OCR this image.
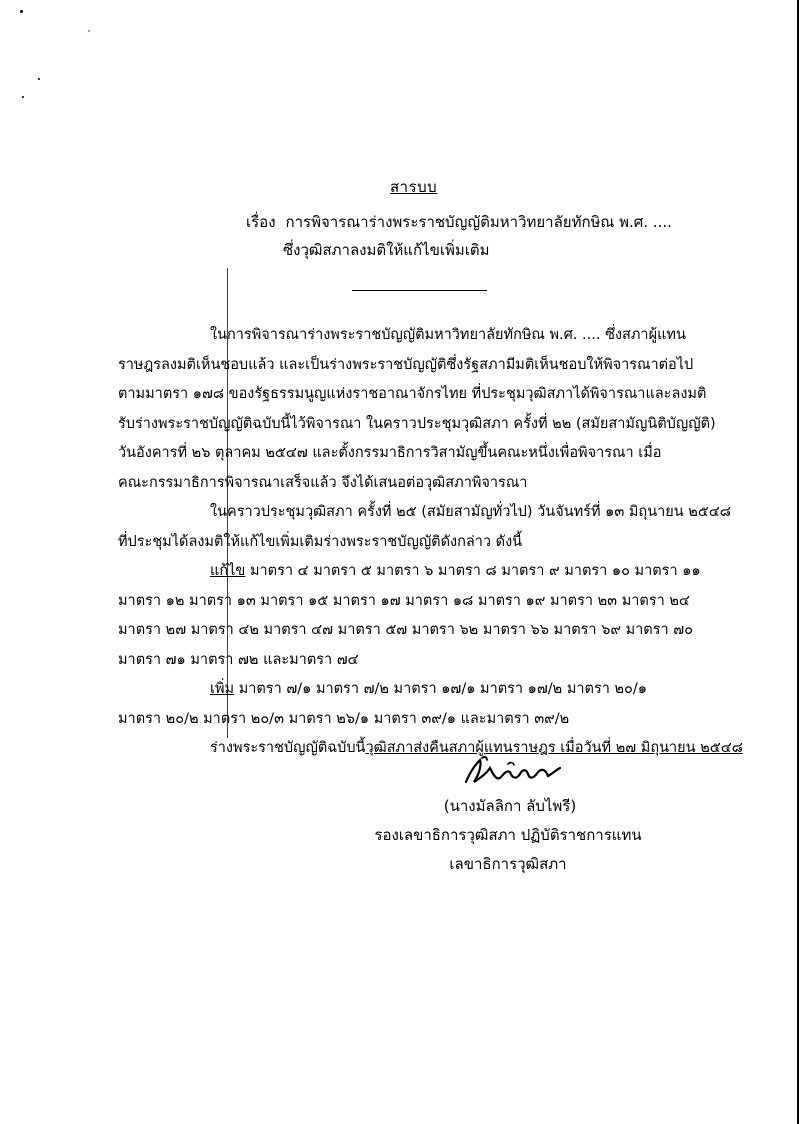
สารบบ
เรื่อง การพิจารณาร่างพระราชบัญญัติมหาวิทยาลัยทักษิณ พ.ศ. ....
ซึ่งวุฒิสภาลงมติให้แก้ไขเพิ่มเติม
ในการพิจารณาร่างพระราชบัญญัติมหาวิทยาลัยทักษิณ พ.ศ. .... ซึ่งสภาผู้แทน
ราษฎรลงมติเห็นชอบแล้ว และเป็นร่างพระราชบัญญัติซึ่งรัฐสภามีมติเห็นชอบให้พิจารณาต่อไป
ตามมาตรา ๑๗๘ ของรัฐธรรมนูญแห่งราชอาณาจักรไทย ที่ประชุมวุฒิสภาได้พิจารณาและลงมติ
รับร่างพระราชบัญญัติฉบับนี้ไว้พิจารณา ในคราวประชุมวุฒิสภา ครั้งที่ ๒๒ (สมัยสามัญนิติบัญญัติ)
วันอังคารที่ ๒๖ ตุลาคม ๒๕๔๗ และตั้งกรรมาธิการวิสามัญขึ้นคณะหนึ่งเพื่อพิจารณา เมื่อ
คณะกรรมาธิการพิจารณาเสร็จแล้ว จึงได้เสนอต่อวุฒิสภาพิจารณา
ในคราวประชุมวุฒิสภา ครั้งที่ ๒๕ (สมัยสามัญทั่วไป) วันจันทร์ที่ ๑๓ มิถุนายน ๒๕๔๘
ที่ประชุมได้ลงมติให้แก้ไขเพิ่มเติมร่างพระราชบัญญัติดังกล่าว ดังนี้
แก้ไข มาตรา ๔ มาตรา ๕ มาตรา ๖ มาตรา ๘ มาตรา ๙ มาตรา ๑๐ มาตรา ๑๑
มาตรา ๑๒ มาตรา ๑๓ มาตรา ๑๕ มาตรา ๑๗ มาตรา ๑๘ มาตรา ๑๙ มาตรา ๒๓ มาตรา ๒๔
มาตรา ๒๗ มาตรา ๔๒ มาตรา ๔๗ มาตรา ๕๗ มาตรา ๖๒ มาตรา ๖๖ มาตรา ๖๙ มาตรา ๗๐
มาตรา ๗๑ มาตรา ๗๒ และมาตรา ๗๔
เพิ่ม มาตรา ๗/๑ มาตรา ๗/๒ มาตรา ๑๗/๑ มาตรา ๑๗/๒ มาตรา ๒๐/๑
มาตรา ๒๐/๒ มาตรา ๒๐/๓ มาตรา ๒๖/๑ มาตรา ๓๙/๑ และมาตรา ๓๙/๒
ร่างพระราชบัญญัติฉบับนี้วุฒิสภาส่งคืนสภาผู้แทนราษฎร เมื่อวันที่ ๒๗ มิถุนายน ๒๕๔๘
(นางมัลลิกา ลับไพรี)
รองเลขาธิการวุฒิสภา ปฏิบัติราชการแทน
เลขาธิการวุฒิสภา
